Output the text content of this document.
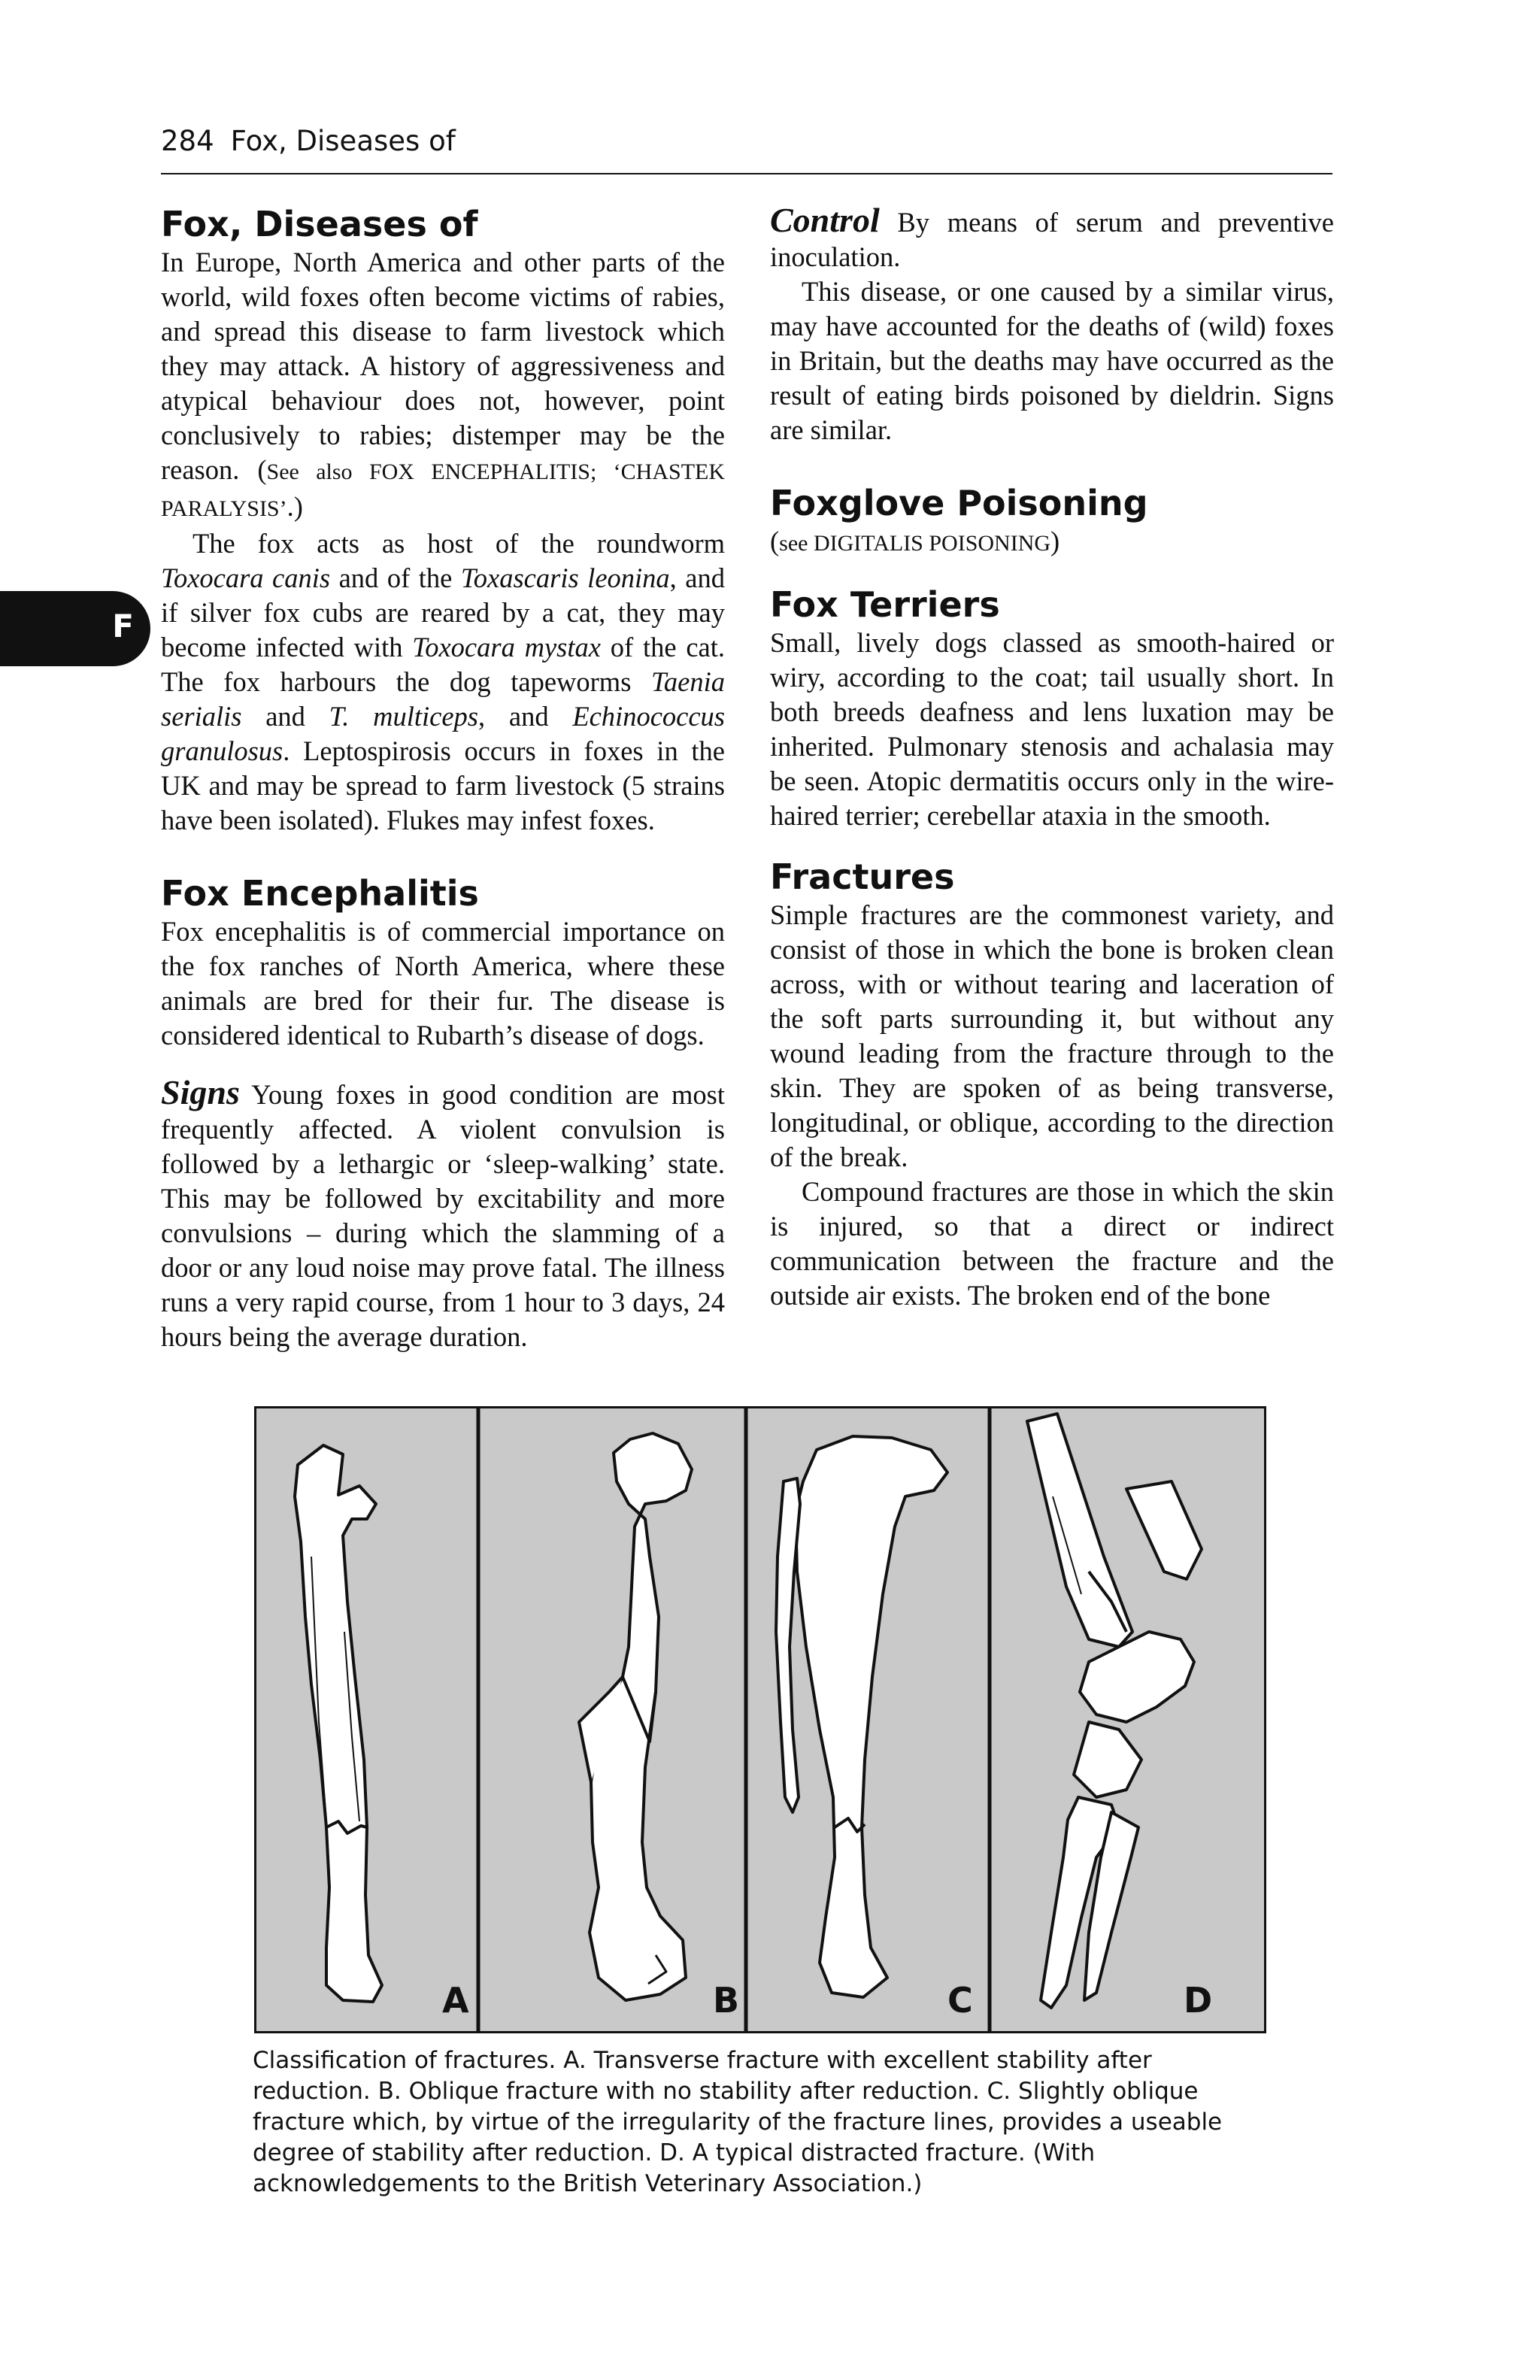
284 Fox, Diseases of
F
Fox, Diseases of

In Europe, North America and other parts of the world, wild foxes often become victims of rabies, and spread this disease to farm livestock which they may attack. A history of aggressiveness and atypical behaviour does not, however, point conclusively to rabies; distemper may be the reason. (See also FOX ENCEPHALITIS; ‘CHASTEK PARALYSIS’.)

The fox acts as host of the roundworm Toxocara canis and of the Toxascaris leonina, and if silver fox cubs are reared by a cat, they may become infected with Toxocara mystax of the cat. The fox harbours the dog tapeworms Taenia serialis and T. multiceps, and Echinococcus granulosus. Leptospirosis occurs in foxes in the UK and may be spread to farm livestock (5 strains have been isolated). Flukes may infest foxes.

Fox Encephalitis

Fox encephalitis is of commercial importance on the fox ranches of North America, where these animals are bred for their fur. The disease is considered identical to Rubarth’s disease of dogs.

Signs Young foxes in good condition are most frequently affected. A violent convulsion is followed by a lethargic or ‘sleep-walking’ state. This may be followed by excitability and more convulsions – during which the slamming of a door or any loud noise may prove fatal. The illness runs a very rapid course, from 1 hour to 3 days, 24 hours being the average duration.

Control By means of serum and preventive inoculation.

This disease, or one caused by a similar virus, may have accounted for the deaths of (wild) foxes in Britain, but the deaths may have occurred as the result of eating birds poisoned by dieldrin. Signs are similar.

Foxglove Poisoning

(see DIGITALIS POISONING)

Fox Terriers

Small, lively dogs classed as smooth-haired or wiry, according to the coat; tail usually short. In both breeds deafness and lens luxation may be inherited. Pulmonary stenosis and achalasia may be seen. Atopic dermatitis occurs only in the wire-haired terrier; cerebellar ataxia in the smooth.

Fractures

Simple fractures are the commonest variety, and consist of those in which the bone is broken clean across, with or without tearing and laceration of the soft parts surrounding it, but without any wound leading from the fracture through to the skin. They are spoken of as being transverse, longitudinal, or oblique, according to the direction of the break.

Compound fractures are those in which the skin is injured, so that a direct or indirect communication between the fracture and the outside air exists. The broken end of the bone

A	B	C	D
Classification of fractures. A. Transverse fracture with excellent stability after reduction. B. Oblique fracture with no stability after reduction. C. Slightly oblique fracture which, by virtue of the irregularity of the fracture lines, provides a useable degree of stability after reduction. D. A typical distracted fracture. (With acknowledgements to the British Veterinary Association.)
